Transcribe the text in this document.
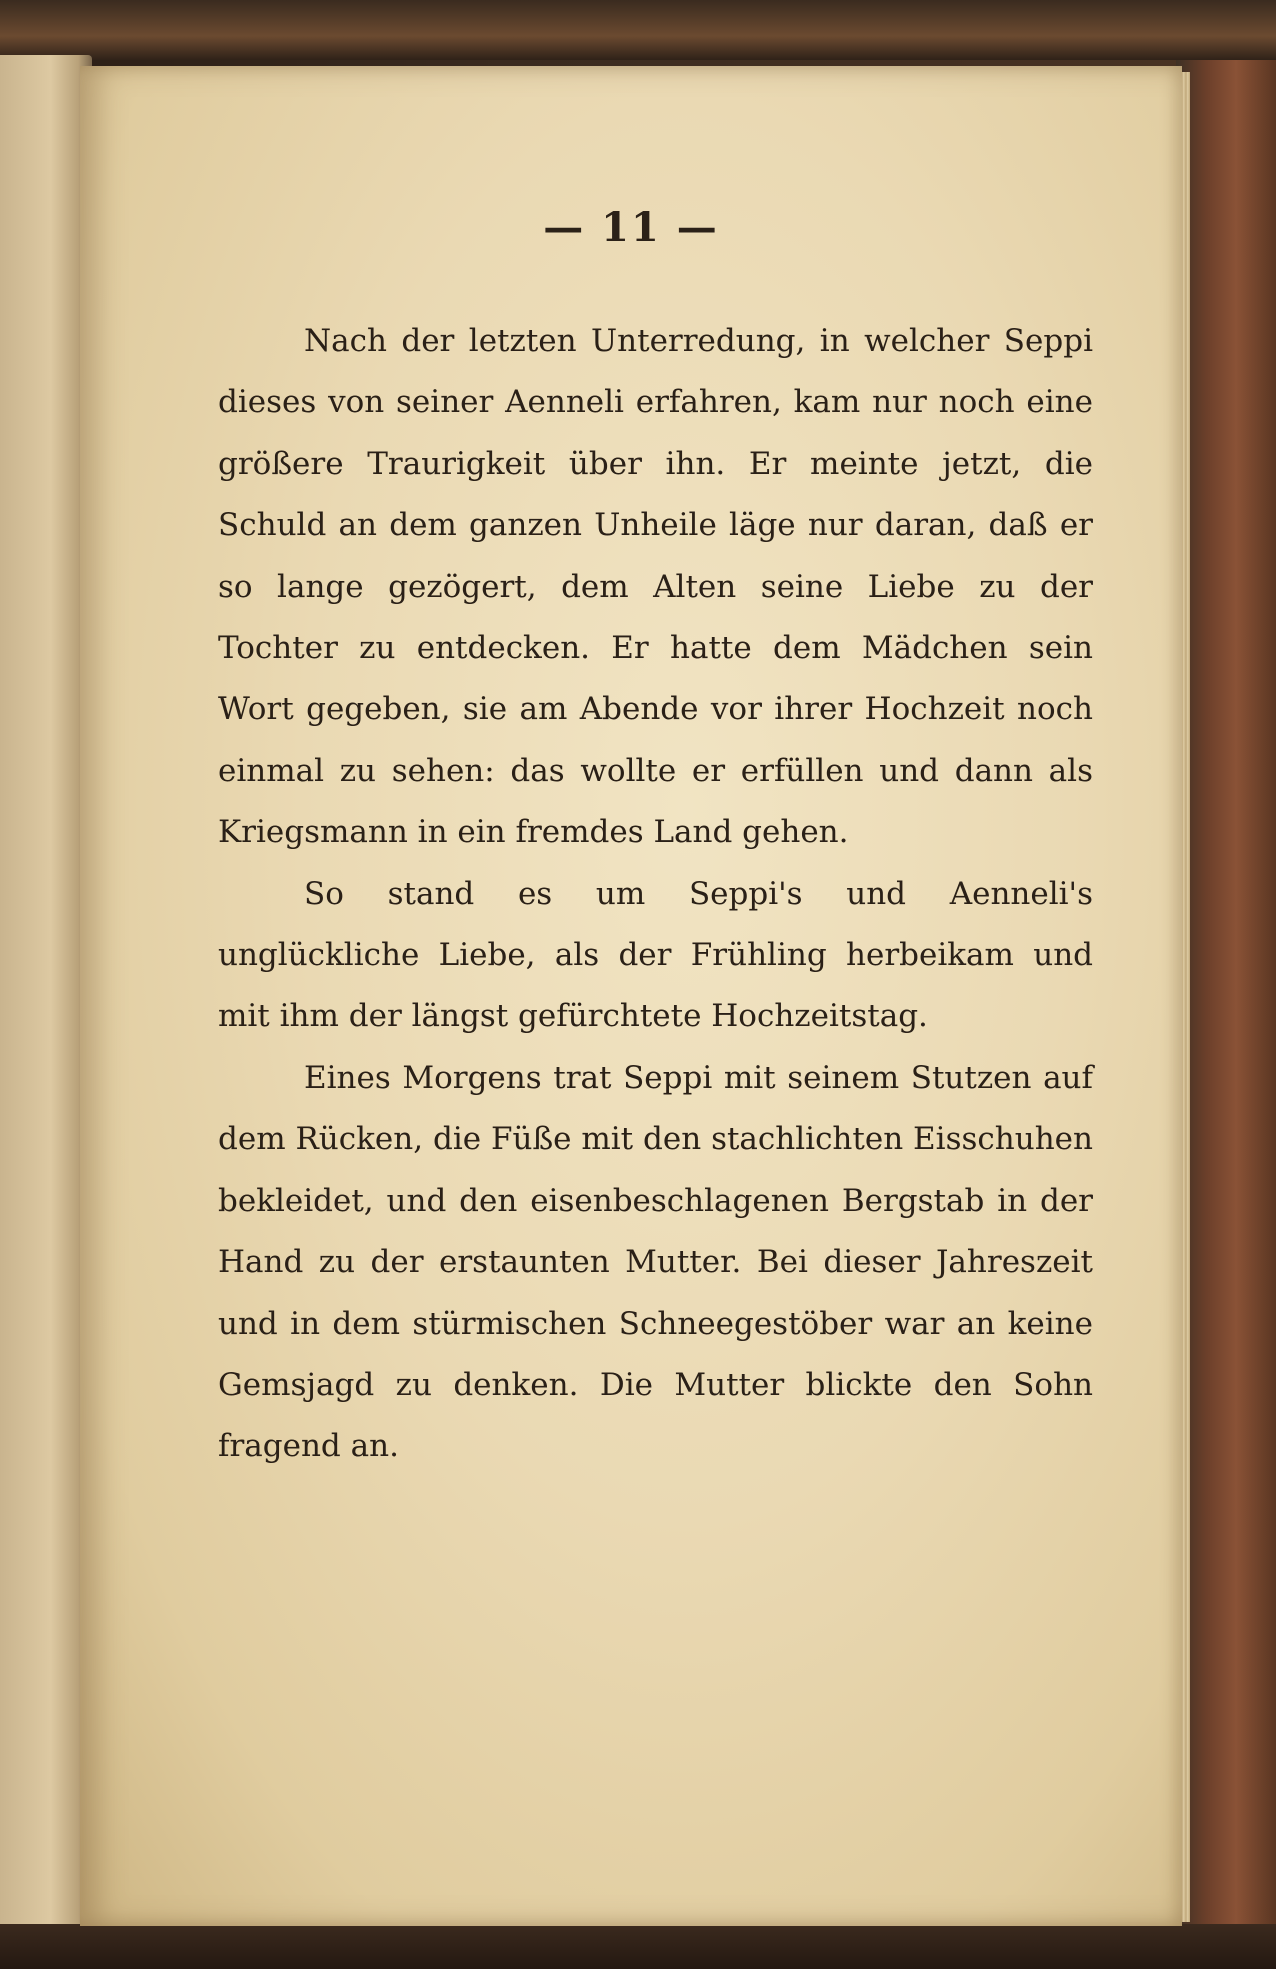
— 11 —

Nach der letzten Unterredung, in welcher Seppi dieses von seiner Aenneli erfahren, kam nur noch eine größere Traurigkeit über ihn. Er meinte jetzt, die Schuld an dem ganzen Unheile läge nur daran, daß er so lange gezögert, dem Alten seine Liebe zu der Tochter zu entdecken. Er hatte dem Mädchen sein Wort gegeben, sie am Abende vor ihrer Hochzeit noch einmal zu sehen: das wollte er erfüllen und dann als Kriegsmann in ein fremdes Land gehen.

So stand es um Seppi's und Aenneli's unglückliche Liebe, als der Frühling herbeikam und mit ihm der längst gefürchtete Hochzeitstag.

Eines Morgens trat Seppi mit seinem Stutzen auf dem Rücken, die Füße mit den stachlichten Eisschuhen bekleidet, und den eisenbeschlagenen Bergstab in der Hand zu der erstaunten Mutter. Bei dieser Jahreszeit und in dem stürmischen Schneegestöber war an keine Gemsjagd zu denken. Die Mutter blickte den Sohn fragend an.
